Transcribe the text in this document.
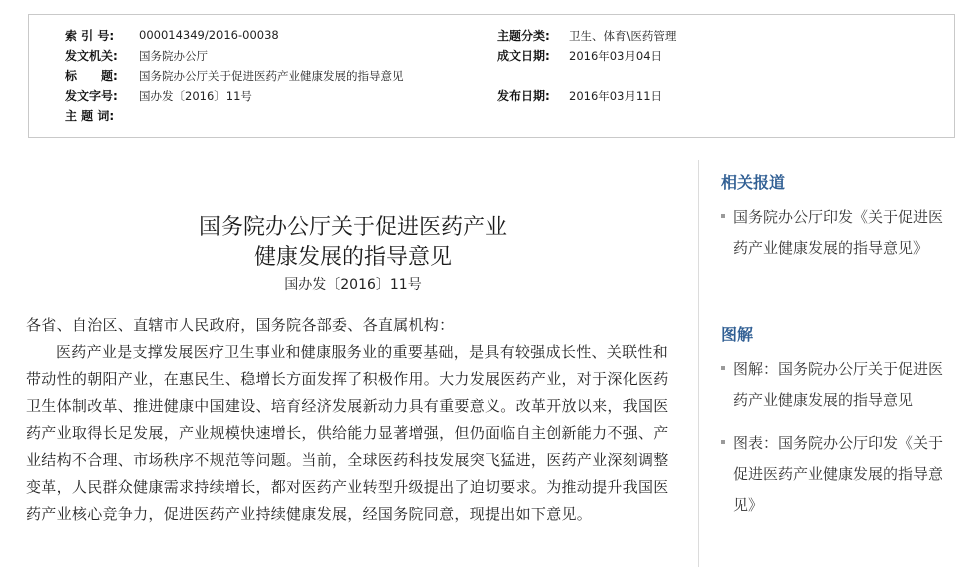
索 引 号: 000014349/2016-00038	主题分类: 卫生、体育\医药管理
发文机关: 国务院办公厅	成文日期: 2016年03月04日
标　　题: 国务院办公厅关于促进医药产业健康发展的指导意见
发文字号: 国办发〔2016〕11号	发布日期: 2016年03月11日
主 题 词:
国务院办公厅关于促进医药产业
健康发展的指导意见
国办发〔2016〕11号

各省、自治区、直辖市人民政府，国务院各部委、各直属机构：

医药产业是支撑发展医疗卫生事业和健康服务业的重要基础，是具有较强成长性、关联性和带动性的朝阳产业，在惠民生、稳增长方面发挥了积极作用。大力发展医药产业，对于深化医药卫生体制改革、推进健康中国建设、培育经济发展新动力具有重要意义。改革开放以来，我国医药产业取得长足发展，产业规模快速增长，供给能力显著增强，但仍面临自主创新能力不强、产业结构不合理、市场秩序不规范等问题。当前，全球医药科技发展突飞猛进，医药产业深刻调整变革，人民群众健康需求持续增长，都对医药产业转型升级提出了迫切要求。为推动提升我国医药产业核心竞争力，促进医药产业持续健康发展，经国务院同意，现提出如下意见。

相关报道
国务院办公厅印发《关于促进医药产业健康发展的指导意见》
图解
图解：国务院办公厅关于促进医药产业健康发展的指导意见
图表：国务院办公厅印发《关于促进医药产业健康发展的指导意见》
